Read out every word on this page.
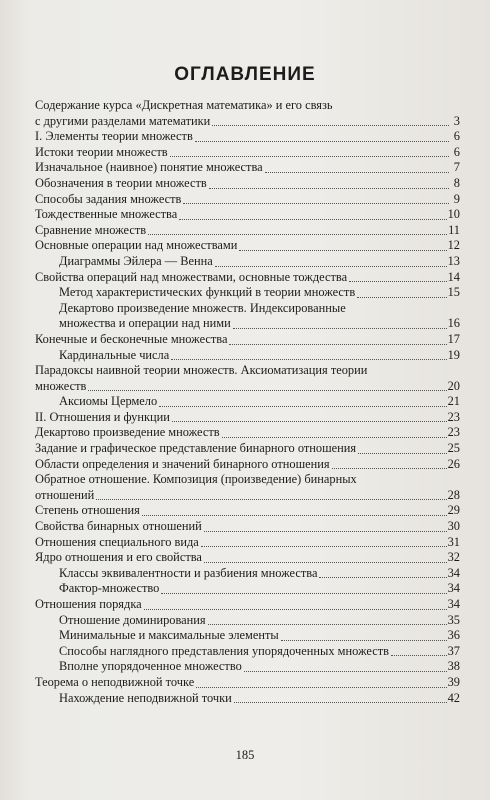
ОГЛАВЛЕНИЕ
Содержание курса «Дискретная математика» и его связь
с другими разделами математики	3
I. Элементы теории множеств	6
Истоки теории множеств	6
Изначальное (наивное) понятие множества	7
Обозначения в теории множеств	8
Способы задания множеств	9
Тождественные множества	10
Сравнение множеств	11
Основные операции над множествами	12
Диаграммы Эйлера — Венна	13
Свойства операций над множествами, основные тождества	14
Метод характеристических функций в теории множеств	15
Декартово произведение множеств. Индексированные
множества и операции над ними	16
Конечные и бесконечные множества	17
Кардинальные числа	19
Парадоксы наивной теории множеств. Аксиоматизация теории
множеств	20
Аксиомы Цермело	21
II. Отношения и функции	23
Декартово произведение множеств	23
Задание и графическое представление бинарного отношения	25
Области определения и значений бинарного отношения	26
Обратное отношение. Композиция (произведение) бинарных
отношений	28
Степень отношения	29
Свойства бинарных отношений	30
Отношения специального вида	31
Ядро отношения и его свойства	32
Классы эквивалентности и разбиения множества	34
Фактор-множество	34
Отношения порядка	34
Отношение доминирования	35
Минимальные и максимальные элементы	36
Способы наглядного представления упорядоченных множеств	37
Вполне упорядоченное множество	38
Теорема о неподвижной точке	39
Нахождение неподвижной точки	42
185
